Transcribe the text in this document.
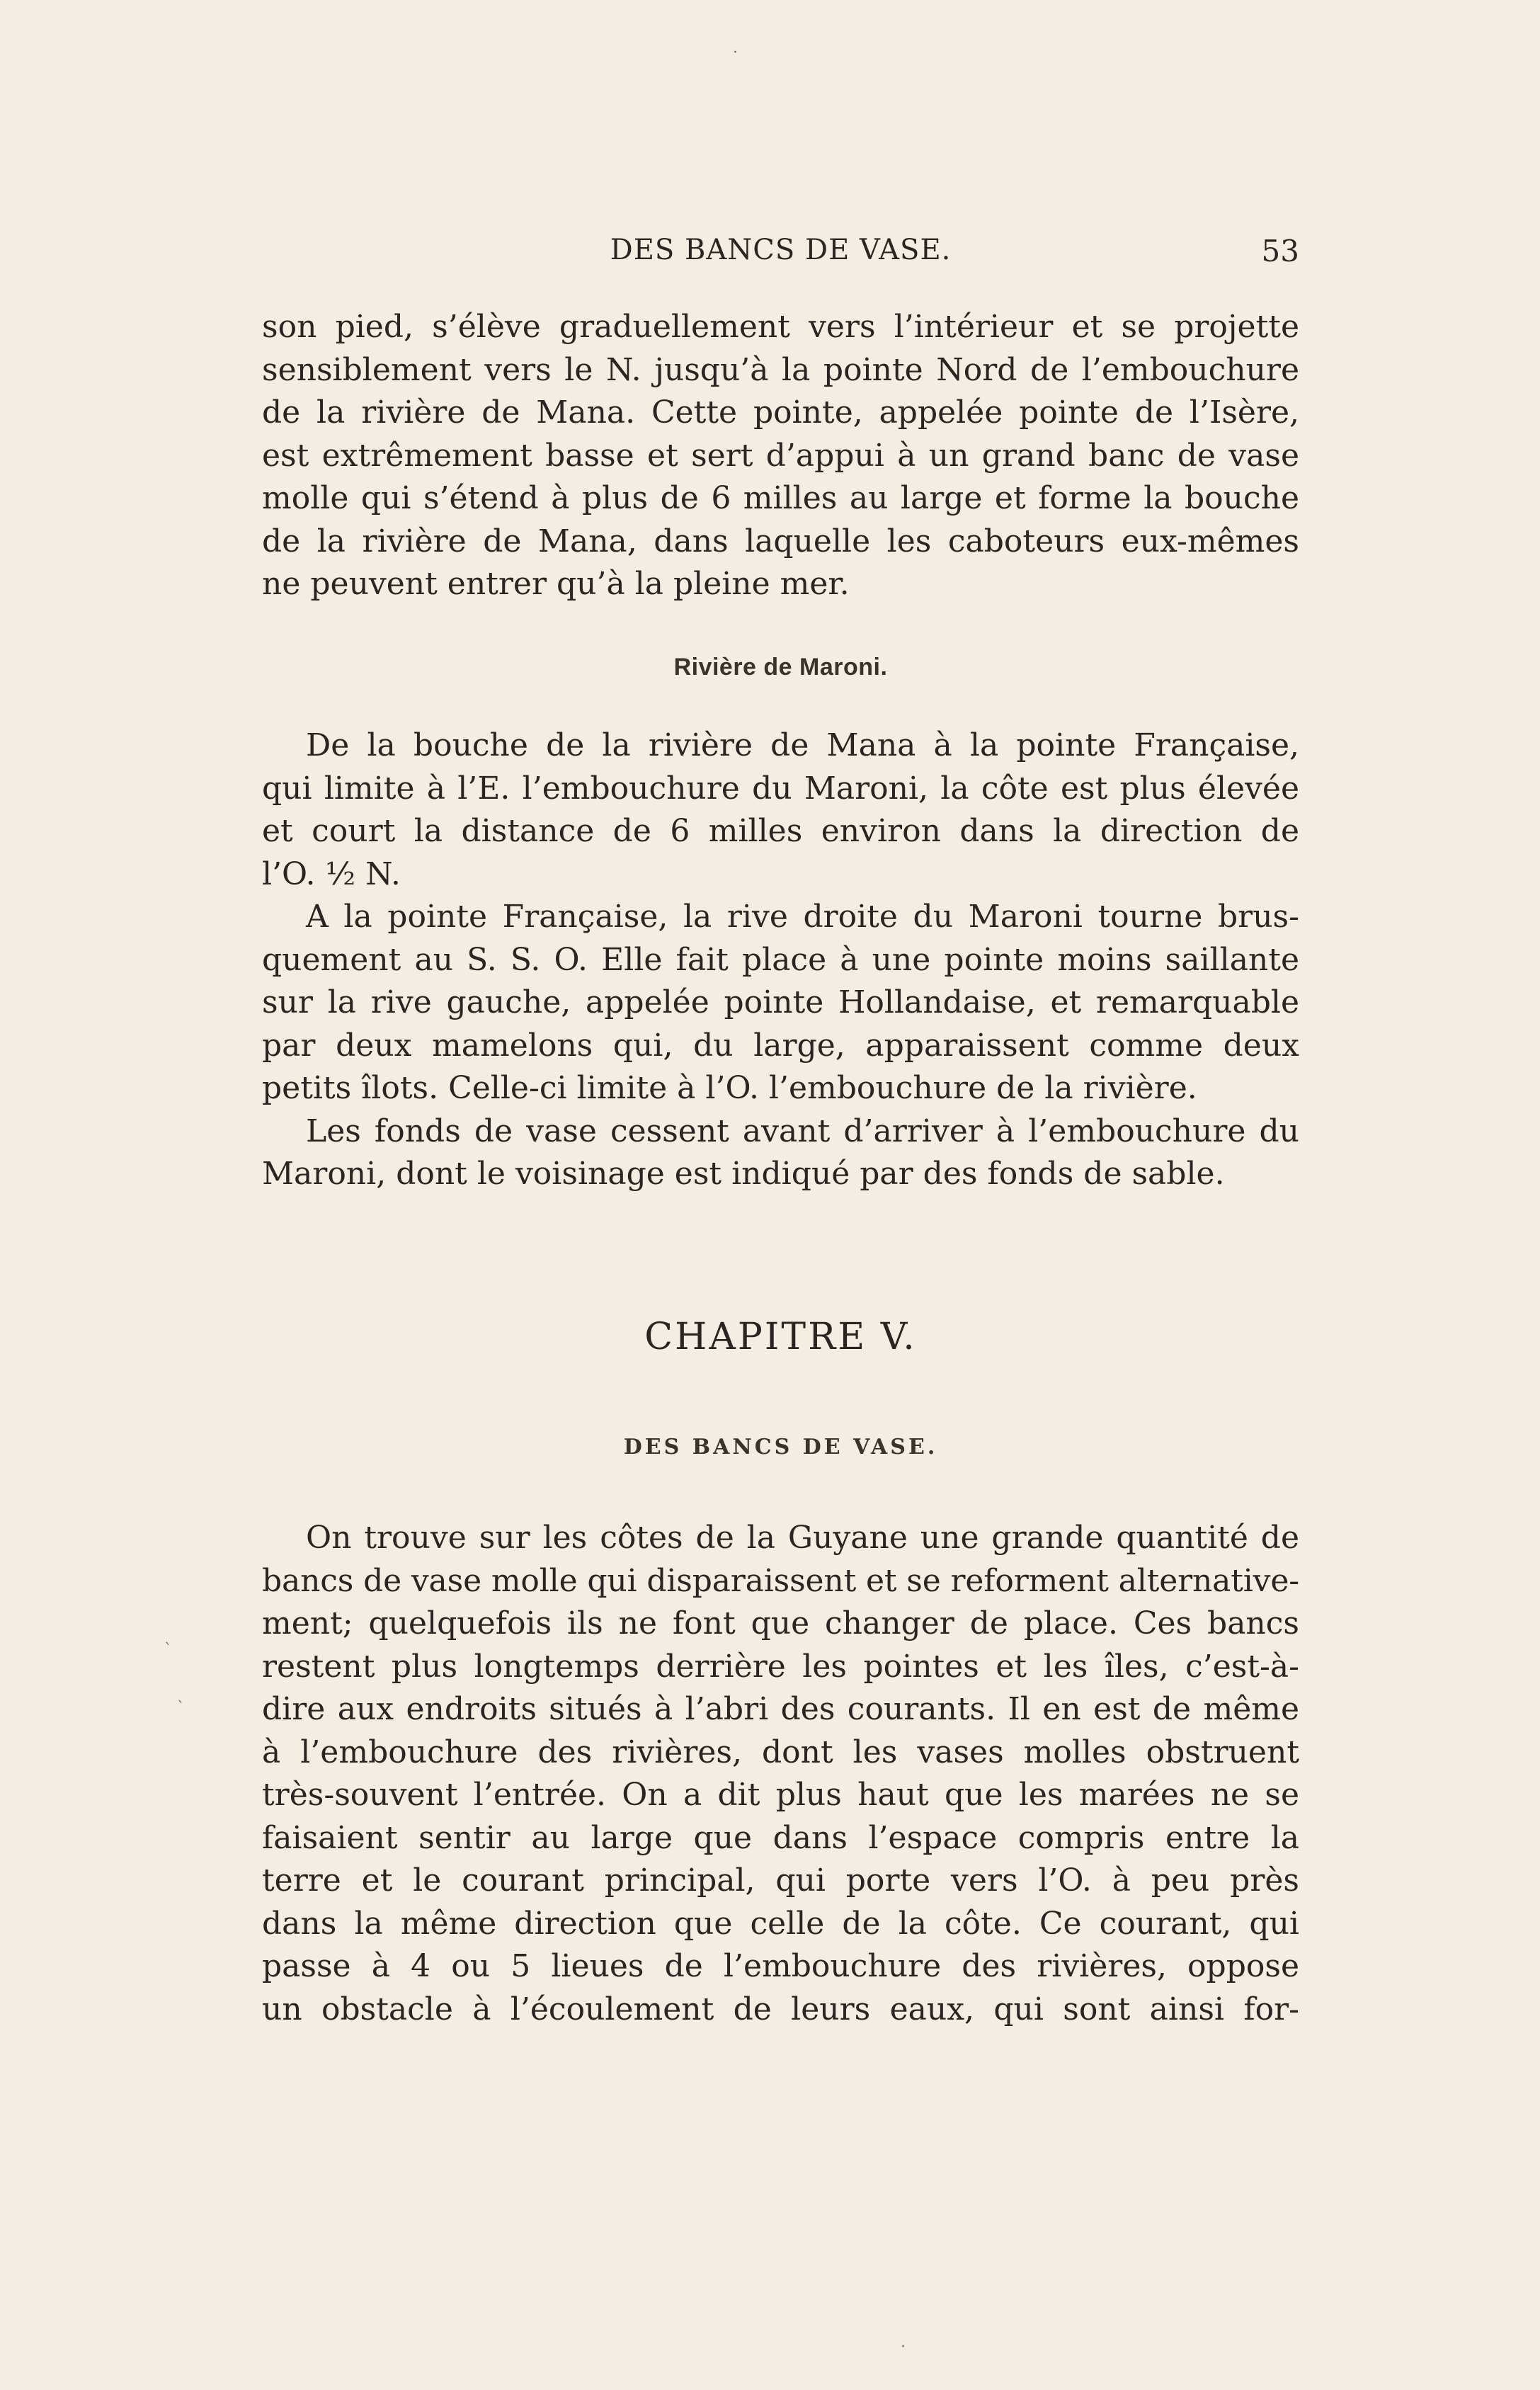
DES BANCS DE VASE.	53
son pied, s’élève graduellement vers l’intérieur et se projette
sensiblement vers le N. jusqu’à la pointe Nord de l’embouchure
de la rivière de Mana. Cette pointe, appelée pointe de l’Isère,
est extrêmement basse et sert d’appui à un grand banc de vase
molle qui s’étend à plus de 6 milles au large et forme la bouche
de la rivière de Mana, dans laquelle les caboteurs eux-mêmes
ne peuvent entrer qu’à la pleine mer.
Rivière de Maroni.
De la bouche de la rivière de Mana à la pointe Française,
qui limite à l’E. l’embouchure du Maroni, la côte est plus élevée
et court la distance de 6 milles environ dans la direction de
l’O. ½ N.
A la pointe Française, la rive droite du Maroni tourne brus-
quement au S. S. O. Elle fait place à une pointe moins saillante
sur la rive gauche, appelée pointe Hollandaise, et remarquable
par deux mamelons qui, du large, apparaissent comme deux
petits îlots. Celle-ci limite à l’O. l’embouchure de la rivière.
Les fonds de vase cessent avant d’arriver à l’embouchure du
Maroni, dont le voisinage est indiqué par des fonds de sable.
CHAPITRE V.
DES BANCS DE VASE.
On trouve sur les côtes de la Guyane une grande quantité de
bancs de vase molle qui disparaissent et se reforment alternative-
ment; quelquefois ils ne font que changer de place. Ces bancs
restent plus longtemps derrière les pointes et les îles, c’est-à-
dire aux endroits situés à l’abri des courants. Il en est de même
à l’embouchure des rivières, dont les vases molles obstruent
très-souvent l’entrée. On a dit plus haut que les marées ne se
faisaient sentir au large que dans l’espace compris entre la
terre et le courant principal, qui porte vers l’O. à peu près
dans la même direction que celle de la côte. Ce courant, qui
passe à 4 ou 5 lieues de l’embouchure des rivières, oppose
un obstacle à l’écoulement de leurs eaux, qui sont ainsi for-
·
ˋ
ˋ
·
